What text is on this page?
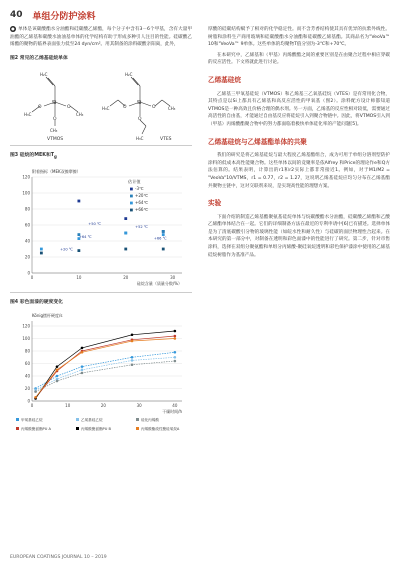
40 单组分防护涂料

● 单体是该碳酸酯水分油酯和硅碳酸乙烯酯，每个分子中含有3－6个甲基，含有大量甲油酯的乙烯基和碳酸水油油基单体的化学结构有助于形成多种引人注目的性能。硅碳酸乙烯酯的聚物的临界表面张力低至24 dyn/cm²。用其制备的涂料碳酸亲阳离，此外，

图2 常见的乙烯基硅烷单体
Si
O	O
O
H₂C
H₃C	CH₃
CH₃
VTMOS
Si
O	O
O
H₂C
H₃C	CH₃
H₃C	VTES
图3 硅烷的MEK和$T_g$
0
20
40
60
80
100
120
0	10	20	30
附着指标（MEK双擦摩擦）
硅烷含量（质量分数/%）
估计值
-3℃
+20℃
+64℃
+66℃
+20 ℃
+64 ℃
+52 ℃
+66 ℃
+50 ℃
图4 彩色面漆的硬度变化
0
20
40
60
80
100
120
0	10	20	30	40
König摆杆硬度/s
干燥时间/h
甲氧基硅乙烷	乙氧基硅乙烷	硅化丙烯酸
丙烯酸聚氨酯PU A	丙烯酸聚氨酯PU B	丙烯酸酯改性聚硅氧烷A

厚酸的硅碳结构赋予了相对的化学稳定性。而不含芳香结构使其具有优异的抗紫外线性。树脂和涂料生产商用玻璃和硅碳酸酯水分油酯和硅碳酸乙烯基酯。其商品名为"VeoVa™ 10和"VeoVa™ 9单体。这些单体的均聚物T值分别为-3℃和+70℃。

在本研究中，乙烯基和（甲基）丙烯酸酯之间的重要区别是在由聚合过程中相应穿碳的反应活性。下文将就此进行讨论。

乙烯基硅烷

乙烯基三甲氧基硅烷（VTMOS）和乙烯基三乙氧基硅烷（VTES）是有常用化合物，其特点是以Si上都具有乙烯基和高反应活性的甲氧基（图2）。涂料配方设计师都知道VTMOS是一种高效且价格合理的偶水剂。另一方面，乙烯基的反应性相对较低，需要通过高活性的自由基，才能通过自由基反应将硅烷引入到聚合物链中。因此，将VTMOS引入到（甲基）丙烯酸酯聚合物中的努力都面临着极快单体硅化率的产能问题[5]。

乙烯基硅烷与乙烯基酯单体的共聚

我们的研究是将乙烯基硅烷与最大程度乙烯基酯组合，成为可用于单组分溶剂型防护涂料的低成本高性能聚合物。这些单体以间的竞聚率是依Alfrey 和Price的理论作e和Q方法估算的。结果表明，计算出的r1和r2实际上都非常接近1。例如，对于M1/M2 = "VeoVa"10/VTMS，r1 = 0.77，r2 = 1.27，这说明乙烯基硅烷应均匀分布在乙烯基酯共聚物主链中，这对交联剂来说，是实现高性能的理想方案。

实验

下面介绍的制造乙烯基酯聚氨基硅烷单体与烷碳酸酯水分油酯，硅碳酸乙烯酯和乙酸乙烯酯单体结合在一起。它们的详细制备方法在最近的专利申请中[6]已有描述。选择单体是为了清底碳酸引分物的玻璃性能（如皖水性和耐久性）与硅碳的面层物理性合起来。在本研究的第一部分中，对制备在透明和彩色面漆中的性能进行了研究。第二步，针对市售涂料，选择在双组分聚氨酯和单组分丙烯酸-聚硅氧烷透明和彩色保护漆涂中使用的乙烯基硅烷树脂作为基准产品。

EUROPEAN COATINGS JOURNAL 10 – 2019
